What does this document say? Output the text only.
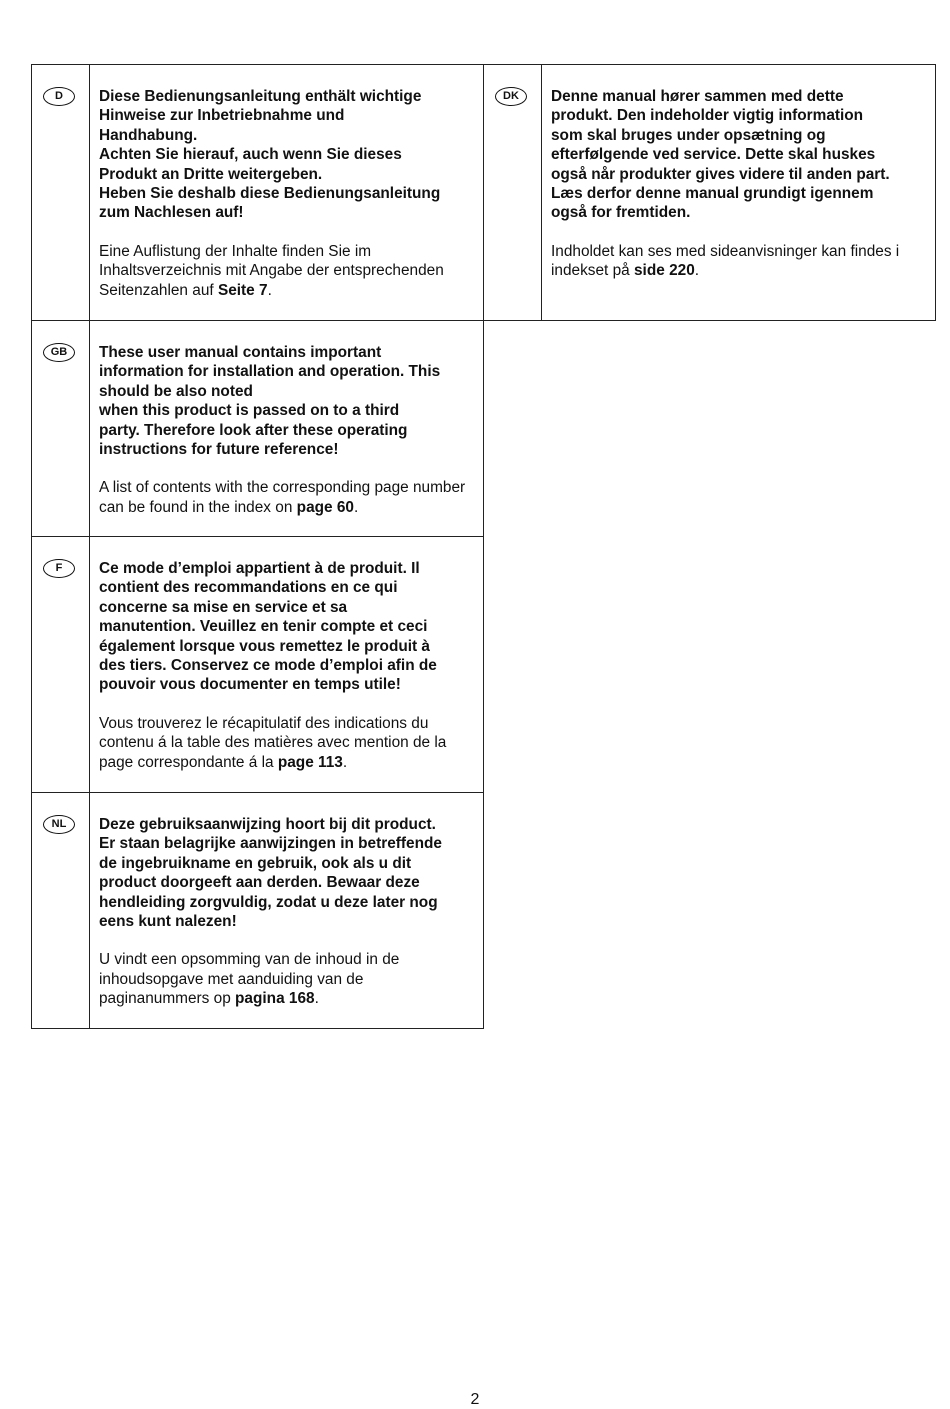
D	Diese Bedienungsanleitung enthält wichtige
Hinweise zur Inbetriebnahme und
Handhabung.
Achten Sie hierauf, auch wenn Sie dieses
Produkt an Dritte weitergeben.
Heben Sie deshalb diese Bedienungsanleitung
zum Nachlesen auf!

Eine Auflistung der Inhalte finden Sie im Inhaltsverzeichnis mit Angabe der entsprechenden Seitenzahlen auf Seite 7.

DK	Denne manual hører sammen med dette
produkt. Den indeholder vigtig information
som skal bruges under opsætning og
efterfølgende ved service. Dette skal huskes
også når produkter gives videre til anden part.
Læs derfor denne manual grundigt igennem
også for fremtiden.

Indholdet kan ses med sideanvisninger kan findes i indekset på side 220.

GB	These user manual contains important
information for installation and operation. This
should be also noted
when this product is passed on to a third
party. Therefore look after these operating
instructions for future reference!

A list of contents with the corresponding page number can be found in the index on page 60.

F	Ce mode d’emploi appartient à de produit. Il
contient des recommandations en ce qui
concerne sa mise en service et sa
manutention. Veuillez en tenir compte et ceci
également lorsque vous remettez le produit à
des tiers. Conservez ce mode d’emploi afin de
pouvoir vous documenter en temps utile!

Vous trouverez le récapitulatif des indications du contenu á la table des matières avec mention de la page correspondante á la page 113.

NL	Deze gebruiksaanwijzing hoort bij dit product.
Er staan belagrijke aanwijzingen in betreffende
de ingebruikname en gebruik, ook als u dit
product doorgeeft aan derden. Bewaar deze
hendleiding zorgvuldig, zodat u deze later nog
eens kunt nalezen!

U vindt een opsomming van de inhoud in de inhoudsopgave met aanduiding van de paginanummers op pagina 168.

2
